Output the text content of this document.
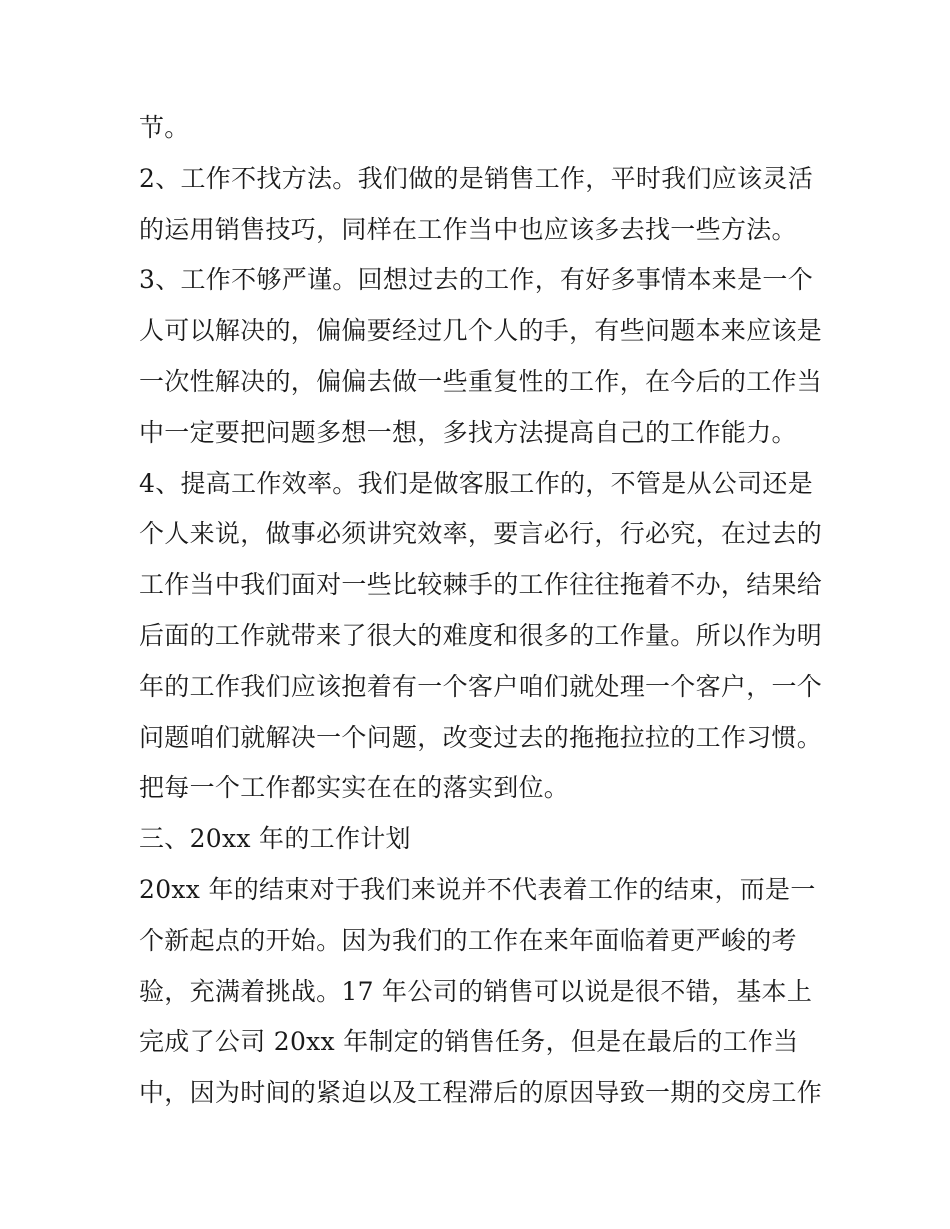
节。
2、工作不找方法。我们做的是销售工作，平时我们应该灵活
的运用销售技巧，同样在工作当中也应该多去找一些方法。
3、工作不够严谨。回想过去的工作，有好多事情本来是一个
人可以解决的，偏偏要经过几个人的手，有些问题本来应该是
一次性解决的，偏偏去做一些重复性的工作，在今后的工作当
中一定要把问题多想一想，多找方法提高自己的工作能力。
4、提高工作效率。我们是做客服工作的，不管是从公司还是
个人来说，做事必须讲究效率，要言必行，行必究，在过去的
工作当中我们面对一些比较棘手的工作往往拖着不办，结果给
后面的工作就带来了很大的难度和很多的工作量。所以作为明
年的工作我们应该抱着有一个客户咱们就处理一个客户，一个
问题咱们就解决一个问题，改变过去的拖拖拉拉的工作习惯。
把每一个工作都实实在在的落实到位。
三、20xx 年的工作计划
20xx 年的结束对于我们来说并不代表着工作的结束，而是一
个新起点的开始。因为我们的工作在来年面临着更严峻的考
验，充满着挑战。17 年公司的销售可以说是很不错，基本上
完成了公司 20xx 年制定的销售任务，但是在最后的工作当
中，因为时间的紧迫以及工程滞后的原因导致一期的交房工作
